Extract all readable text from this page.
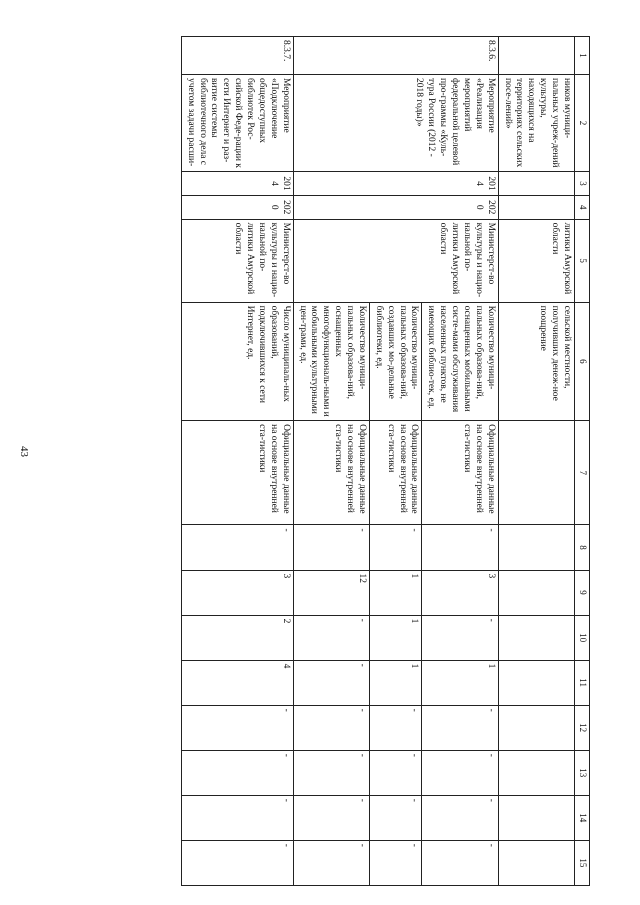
43
1	2	3	4	5	6	7	8	9	10	11	12	13	14	15
	ников муници-пальных учреж-дений культуры, находящихся на территориях сельских посе-лений»			литики Амурской области	сельской местности, получивших денеж-ное поощрение									
8.3.6.	Мероприятие «Реализация мероприятий федеральной целевой про-граммы «Куль-тура России (2012 - 2018 годы)»	2014	2020	Министерст-во культуры и нацио-нальной по-литики Амурской области	Количество муници-пальных образова-ний, оснащенных мобильными систе-мами обслуживания населенных пунктов, не имеющих библио-тек, ед.	Официальные данные на основе внутренней ста-тистики	-	3	-	1	-	-	-	-
					Количество муници-пальных образова-ний, создавших мо-дельные библиотеки, ед.	Официальные данные на основе внутренней ста-тистики	-	1	1	1	-	-	-	-
					Количество муници-пальных образова-ний, оснащенных многофункциональ-ными и мобильными культурными цен-трами, ед.	Официальные данные на основе внутренней ста-тистики	-	12	-	-	-	-	-	-
8.3.7.	Мероприятие «Подключение общедоступных библиотек Рос-сийской Феде-рации к сети Интернет и раз-витие системы библиотечного дела с учетом задачи расши-	2014	2020	Министерст-во культуры и нацио-нальной по-литики Амурской области	Число муниципаль-ных образований, подключившихся к сети Интернет, ед.	Официальные данные на основе внутренней ста-тистики	-	3	2	4	-	-	-	-
